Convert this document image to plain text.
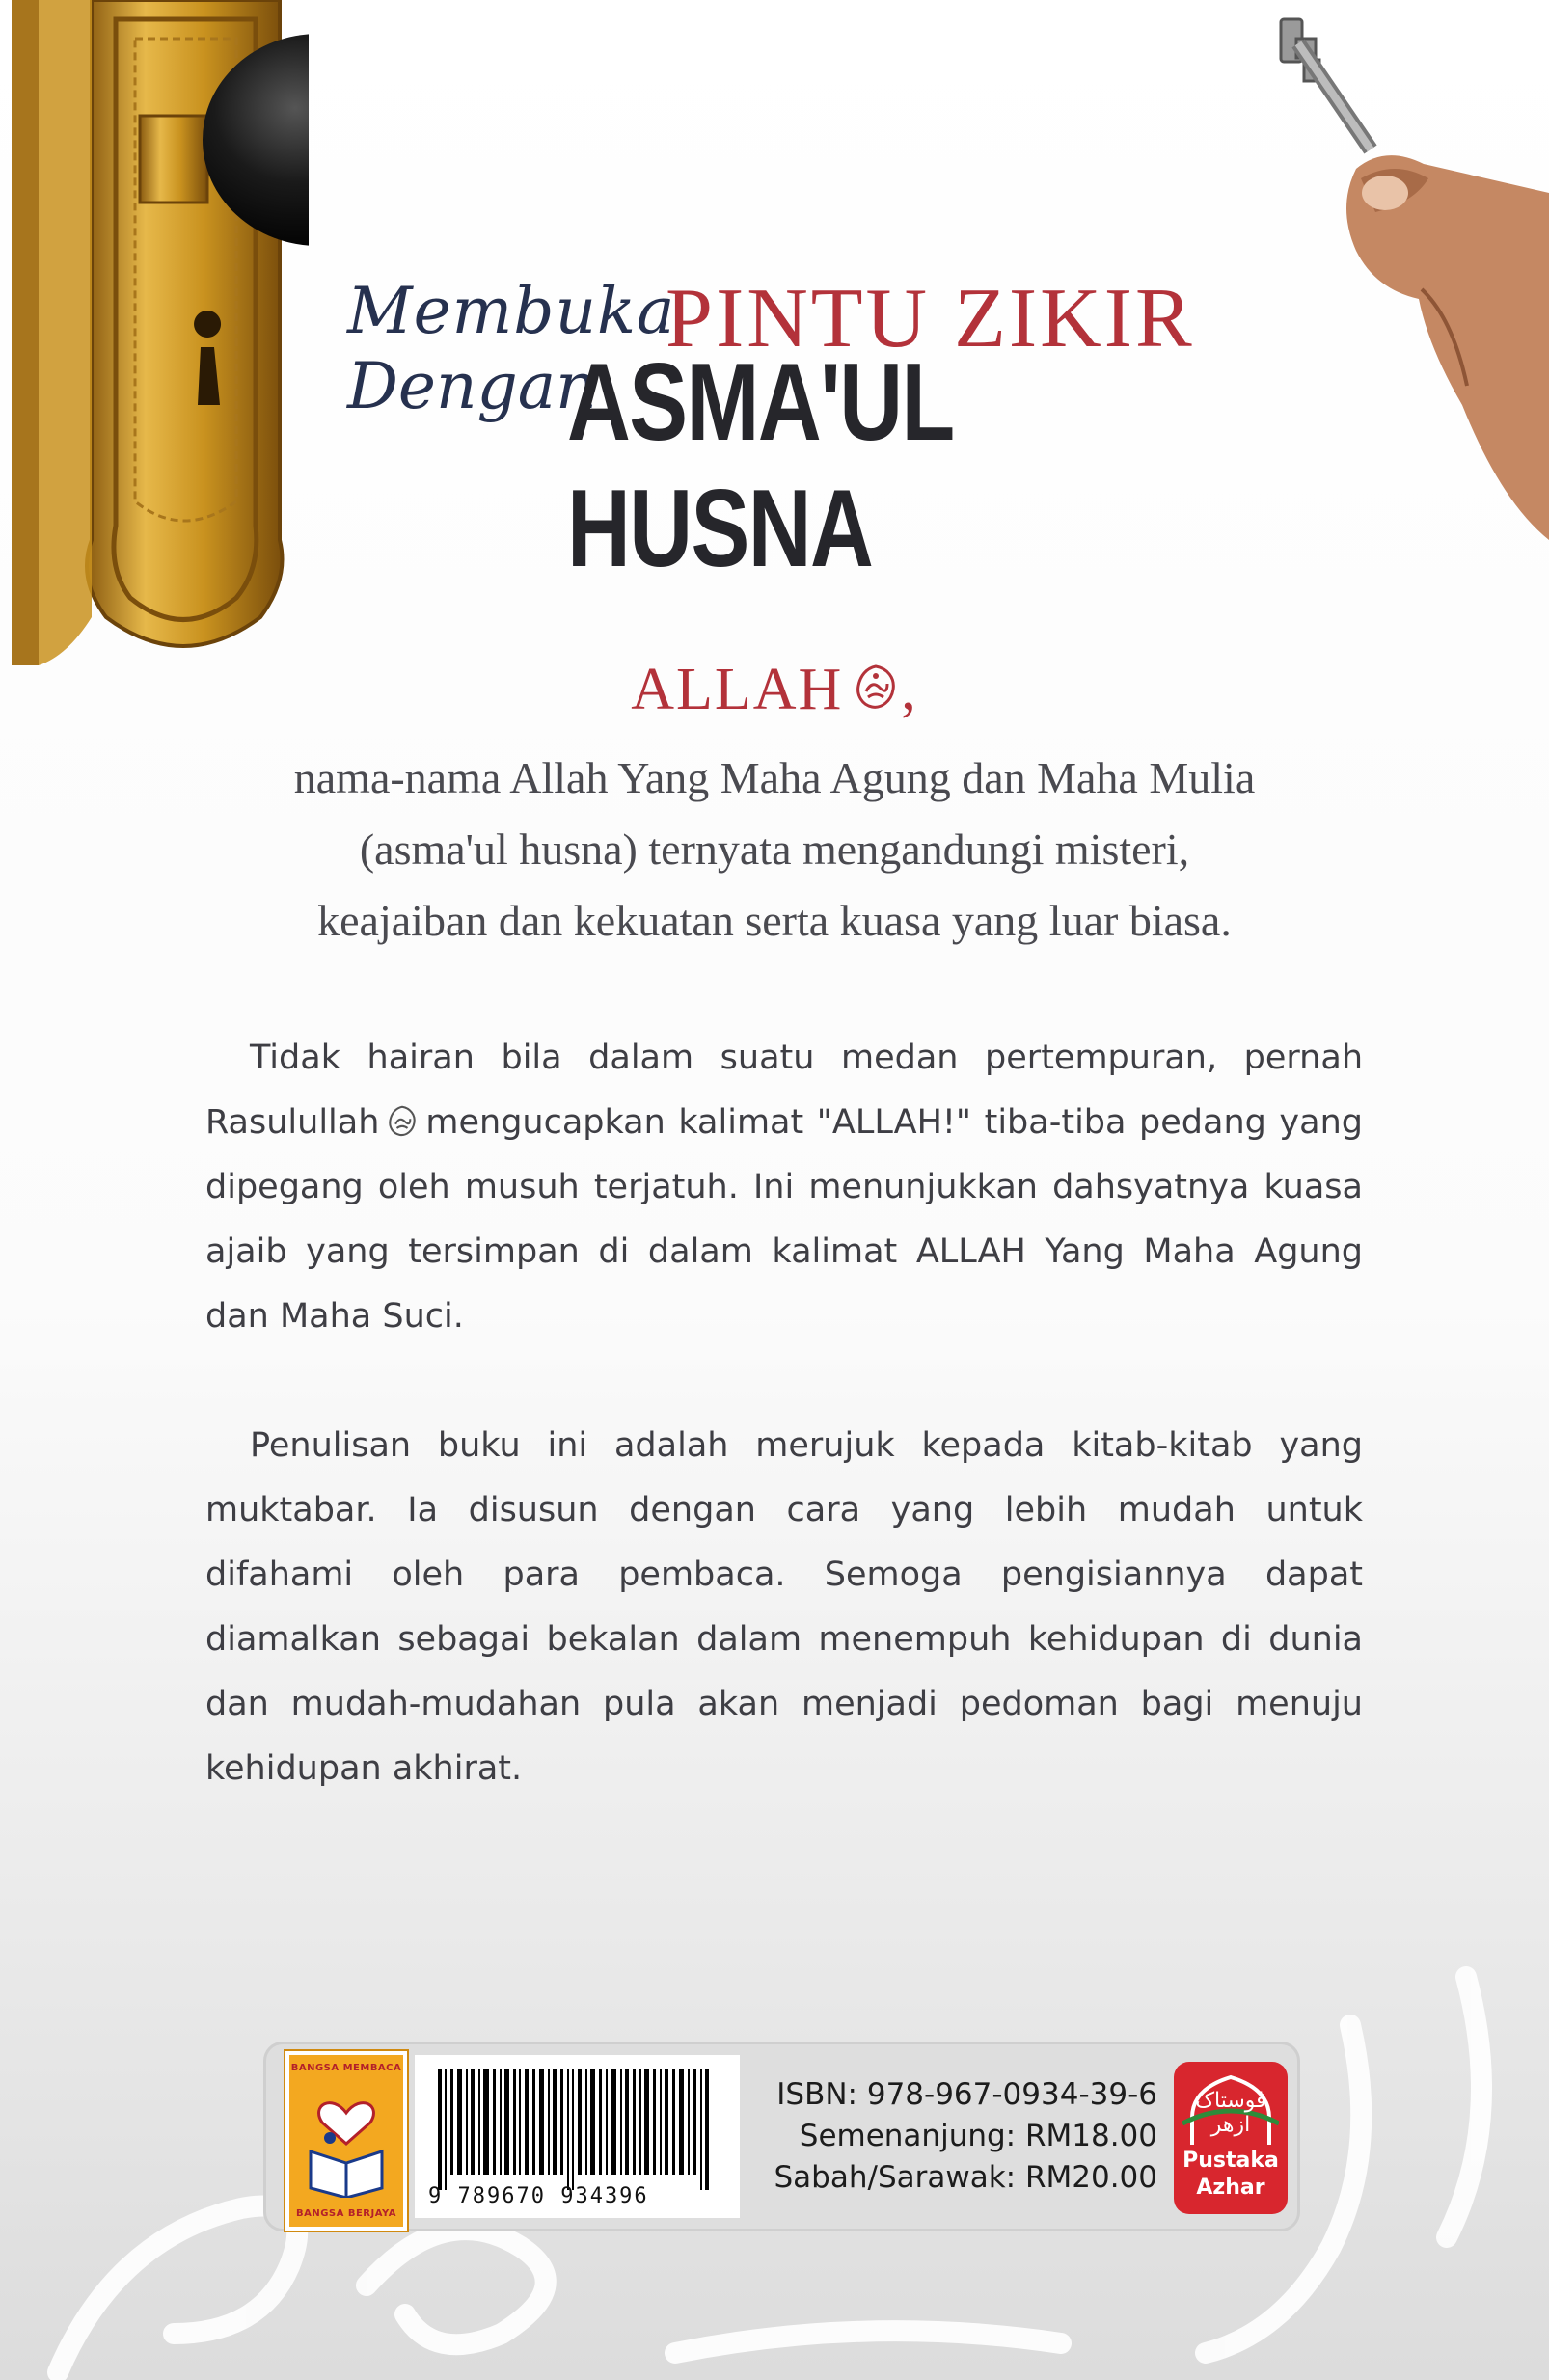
Membuka
PINTU ZIKIR
Dengan
ASMA'UL HUSNA
ALLAH ,
nama-nama Allah Yang Maha Agung dan Maha Mulia
(asma'ul husna) ternyata mengandungi misteri,
keajaiban dan kekuatan serta kuasa yang luar biasa.
Tidak hairan bila dalam suatu medan pertempuran, pernah Rasulullah mengucapkan kalimat "ALLAH!" tiba-tiba pedang yang dipegang oleh musuh terjatuh. Ini menunjukkan dahsyatnya kuasa ajaib yang tersimpan di dalam kalimat ALLAH Yang Maha Agung dan Maha Suci.
Penulisan buku ini adalah merujuk kepada kitab-kitab yang muktabar. Ia disusun dengan cara yang lebih mudah untuk difahami oleh para pembaca. Semoga pengisiannya dapat diamalkan sebagai bekalan dalam menempuh kehidupan di dunia dan mudah-mudahan pula akan menjadi pedoman bagi menuju kehidupan akhirat.
BANGSA MEMBACA
BANGSA BERJAYA
9 789670 934396
ISBN: 978-967-0934-39-6
Semenanjung: RM18.00
Sabah/Sarawak: RM20.00
ڤوستاک ازهر
Pustaka
Azhar
